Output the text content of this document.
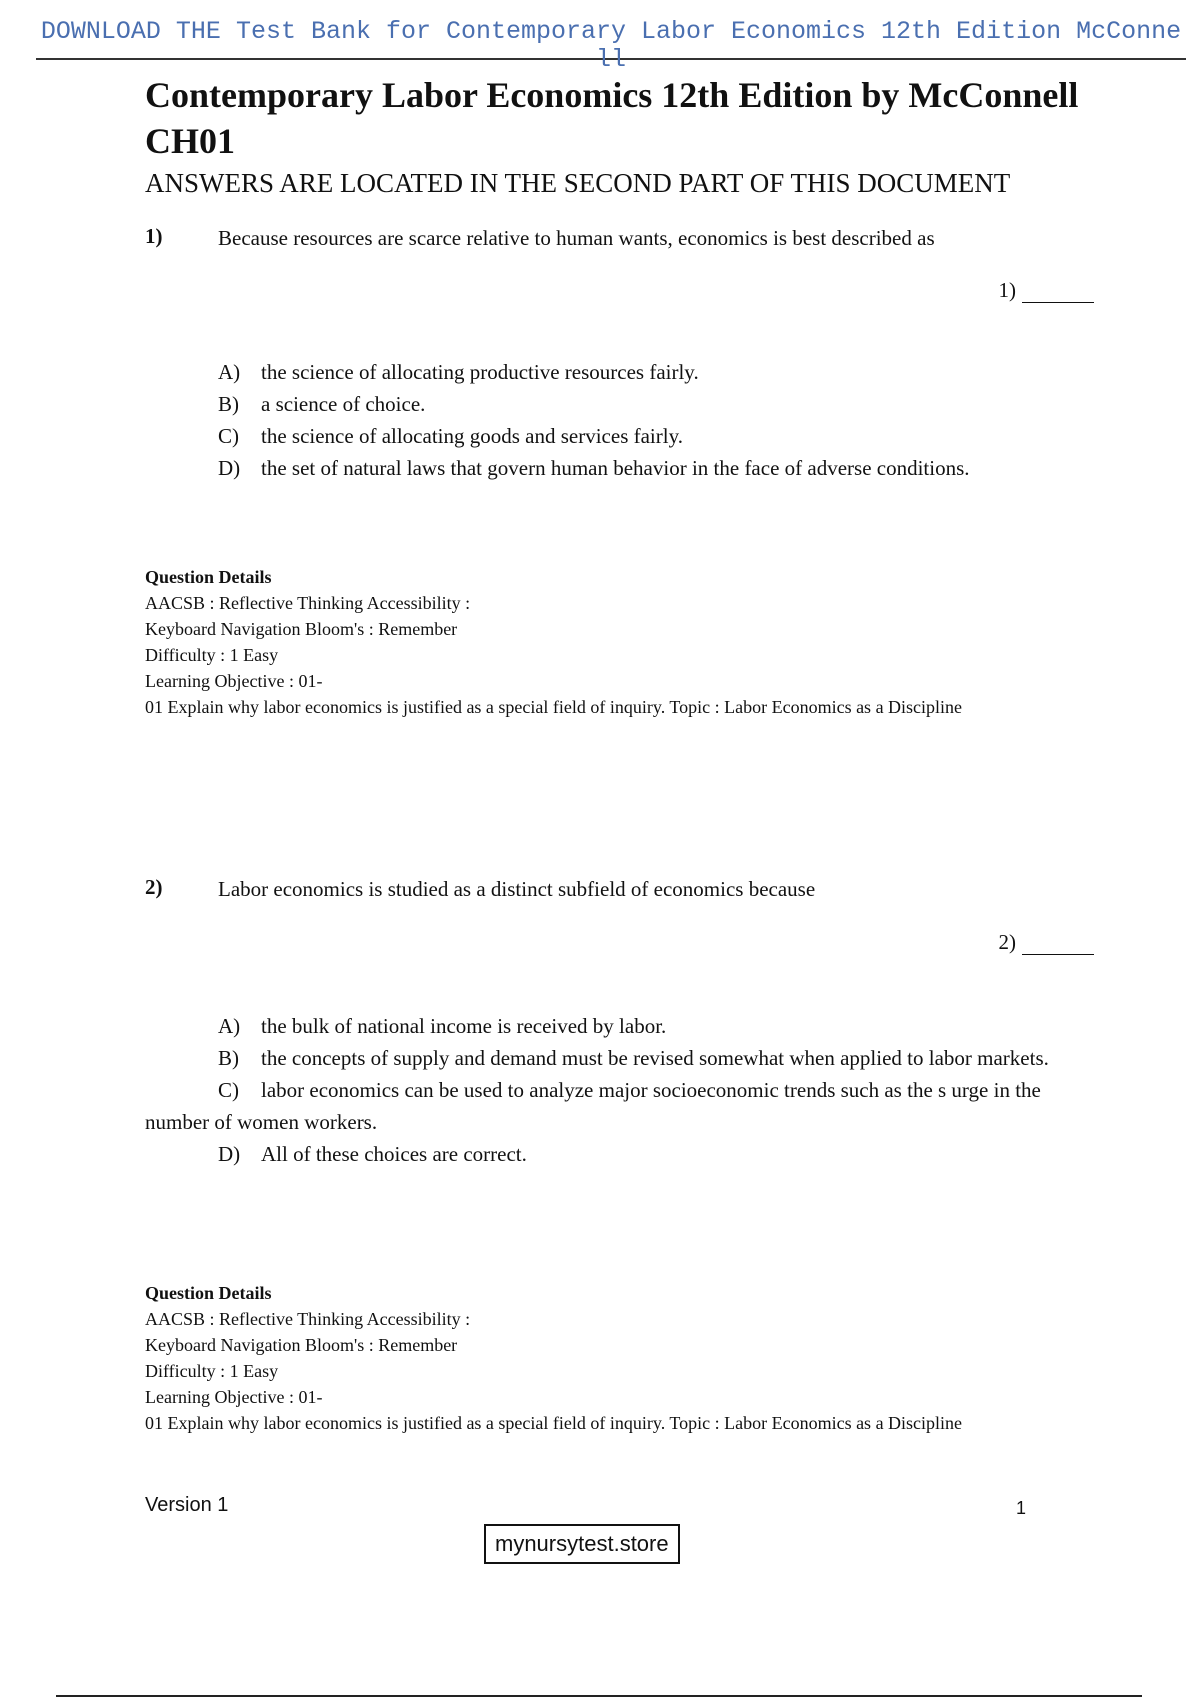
DOWNLOAD THE Test Bank for Contemporary Labor Economics 12th Edition McConnell
Contemporary Labor Economics 12th Edition by McConnell CH01
ANSWERS ARE LOCATED IN THE SECOND PART OF THIS DOCUMENT
1)	Because resources are scarce relative to human wants, economics is best described as
1)
A) the science of allocating productive resources fairly.
B) a science of choice.
C) the science of allocating goods and services fairly.
D) the set of natural laws that govern human behavior in the face of adverse conditions.
Question Details
AACSB : Reflective Thinking Accessibility : Keyboard Navigation Bloom's : Remember
Difficulty : 1 Easy
Learning Objective : 01-
01 Explain why labor economics is justified as a special field of inquiry. Topic : Labor Economics as a Discipline
2)	Labor economics is studied as a distinct subfield of economics because
2)
A) the bulk of national income is received by labor.
B) the concepts of supply and demand must be revised somewhat when applied to labor markets.
C) labor economics can be used to analyze major socioeconomic trends such as the s urge in the number of women workers.
D) All of these choices are correct.
Question Details
AACSB : Reflective Thinking Accessibility : Keyboard Navigation Bloom's : Remember
Difficulty : 1 Easy
Learning Objective : 01-
01 Explain why labor economics is justified as a special field of inquiry. Topic : Labor Economics as a Discipline
Version 1	1
mynursytest.store
